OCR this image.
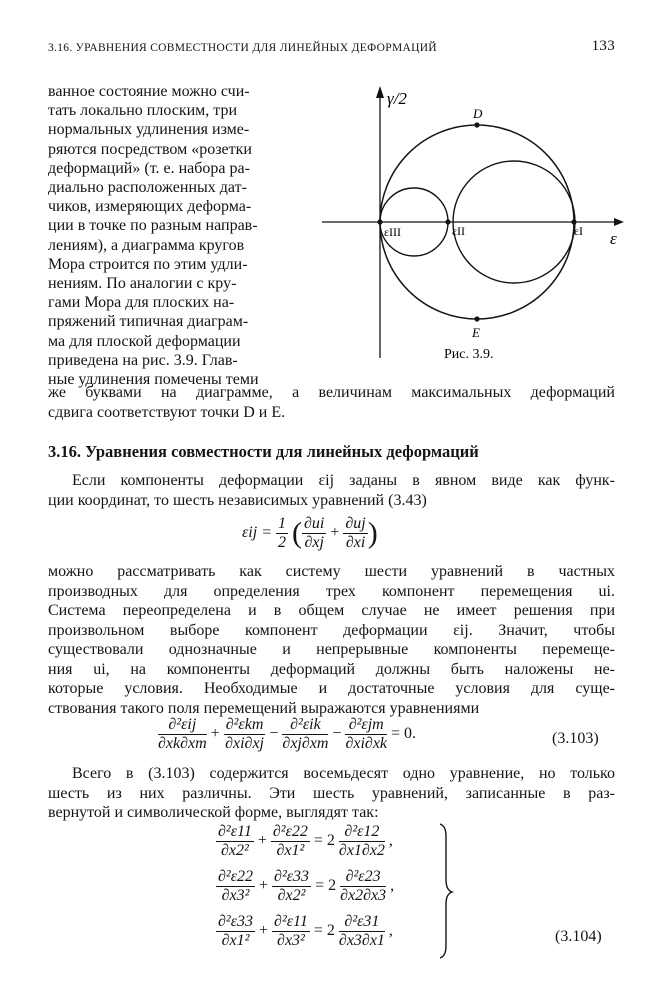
3.16. УРАВНЕНИЯ СОВМЕСТНОСТИ ДЛЯ ЛИНЕЙНЫХ ДЕФОРМАЦИЙ	133
ванное состояние можно счи-
тать локально плоским, три
нормальных удлинения изме-
ряются посредством «розетки
деформаций» (т. е. набора ра-
диально расположенных дат-
чиков, измеряющих деформа-
ции в точке по разным направ-
лениям), а диаграмма кругов
Мора строится по этим удли-
нениям. По аналогии с кру-
гами Мора для плоских на-
пряжений типичная диаграм-
ма для плоской деформации
приведена на рис. 3.9. Глав-
ные удлинения помечены теми
γ/2
ε
D
E
εIII	εII	εI
Рис. 3.9.
же буквами на диаграмме, а величинам максимальных деформаций
сдвига соответствуют точки D и E.
3.16. Уравнения совместности для линейных деформаций
Если компоненты деформации εij заданы в явном виде как функ-
ции координат, то шесть независимых уравнений (3.43)
$\varepsilon ij = \frac{1}{2}$ ( $\frac{\partial ui}{\partial xj} + \frac{\partial uj}{\partial xi}$ )
можно рассматривать как систему шести уравнений в частных
производных для определения трех компонент перемещения ui.
Система переопределена и в общем случае не имеет решения при
произвольном выборе компонент деформации εij. Значит, чтобы
существовали однозначные и непрерывные компоненты перемеще-
ния ui, на компоненты деформаций должны быть наложены не-
которые условия. Необходимые и достаточные условия для суще-
ствования такого поля перемещений выражаются уравнениями
$\frac{\text{∂²εij}}{\partial xk\partial xm} + \frac{\text{∂²εkm}}{\partial xi\partial xj} - \frac{\text{∂²εik}}{\partial xj\partial xm} - \frac{\text{∂²εjm}}{\partial xi\partial xk} = 0$.	(3.103)
Всего в (3.103) содержится восемьдесят одно уравнение, но только
шесть из них различны. Эти шесть уравнений, записанные в раз-
вернутой и символической форме, выглядят так:
$\frac{\text{∂²ε11}}{\text{∂x2²}} + \frac{\text{∂²ε22}}{\text{∂x1²}} = 2 \frac{\text{∂²ε12}}{\partial x1\partial x2}$ ,
$\frac{\text{∂²ε22}}{\text{∂x3²}} + \frac{\text{∂²ε33}}{\text{∂x2²}} = 2 \frac{\text{∂²ε23}}{\partial x2\partial x3}$ ,
$\frac{\text{∂²ε33}}{\text{∂x1²}} + \frac{\text{∂²ε11}}{\text{∂x3²}} = 2 \frac{\text{∂²ε31}}{\partial x3\partial x1}$ ,	(3.104)
